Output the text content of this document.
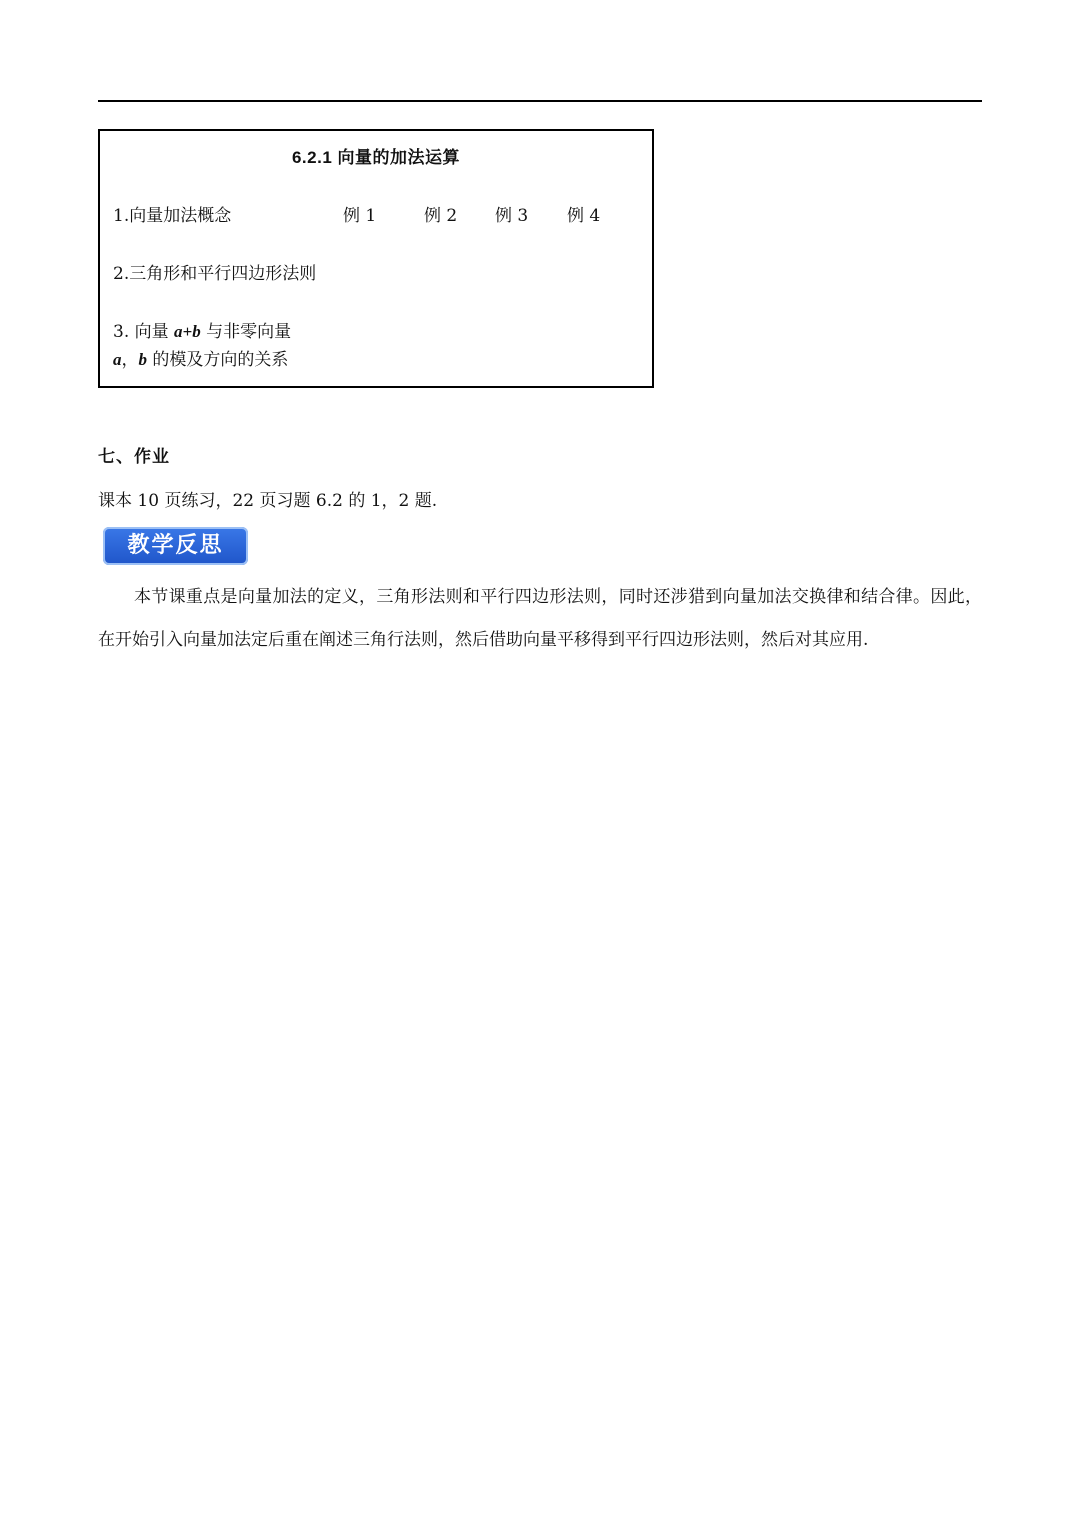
6.2.1 向量的加法运算
1.向量加法概念	例 1	例 2 例 3 例 4
2.三角形和平行四边形法则
3. 向量 a+b 与非零向量
a，b 的模及方向的关系
七、作业
课本 10 页练习，22 页习题 6.2 的 1，2 题.
教学反思

本节课重点是向量加法的定义，三角形法则和平行四边形法则，同时还涉猎到向量加法交换律和结合律。因此，在开始引入向量加法定后重在阐述三角行法则，然后借助向量平移得到平行四边形法则，然后对其应用.
